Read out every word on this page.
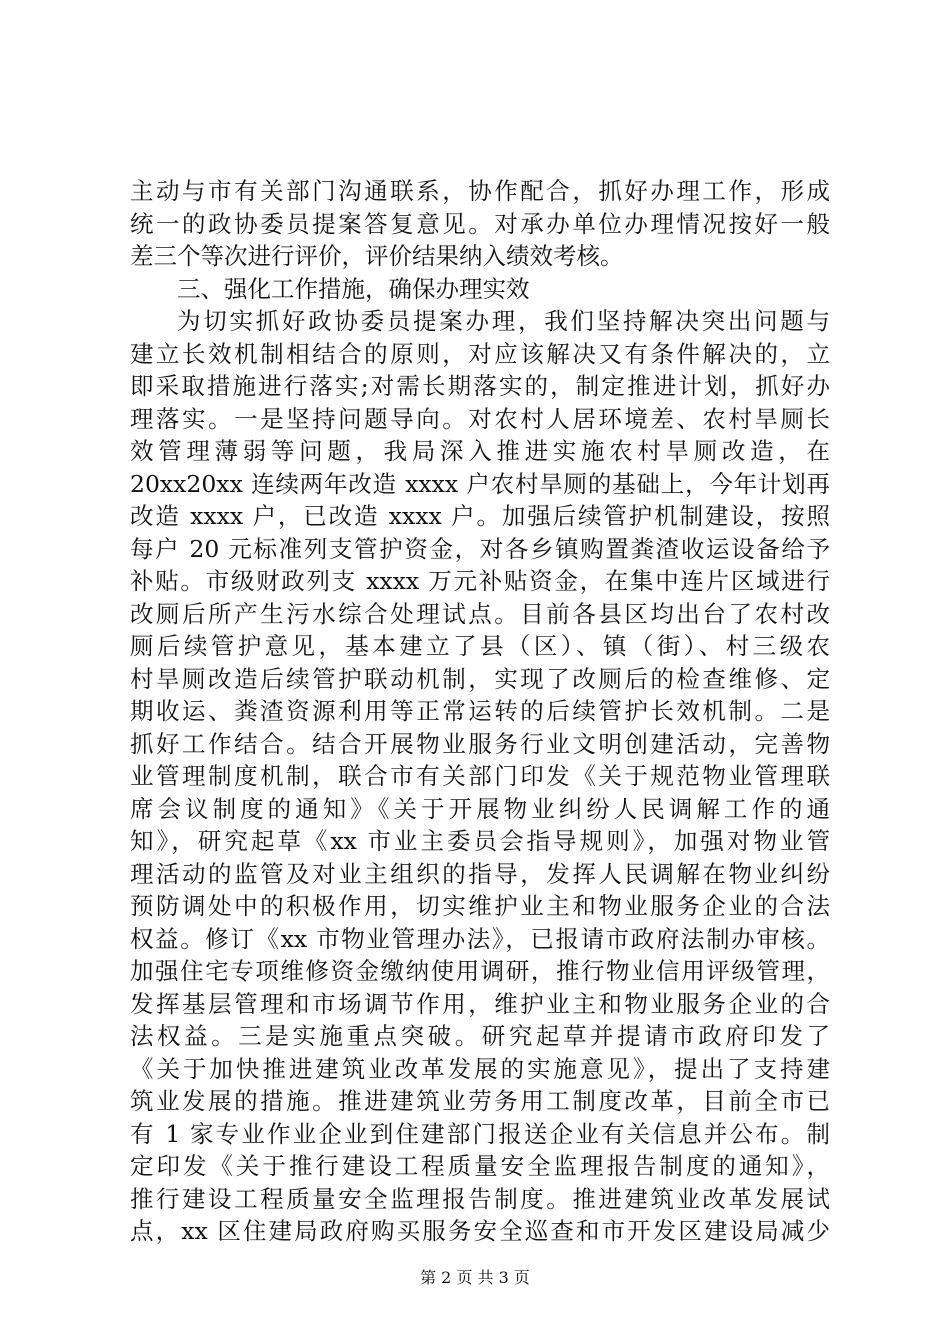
主动与市有关部门沟通联系，协作配合，抓好办理工作，形成
统一的政协委员提案答复意见。对承办单位办理情况按好一般
差三个等次进行评价，评价结果纳入绩效考核。
三、强化工作措施，确保办理实效
为切实抓好政协委员提案办理，我们坚持解决突出问题与
建立长效机制相结合的原则，对应该解决又有条件解决的，立
即采取措施进行落实;对需长期落实的，制定推进计划，抓好办
理落实。一是坚持问题导向。对农村人居环境差、农村旱厕长
效管理薄弱等问题，我局深入推进实施农村旱厕改造，在
20xx20xx 连续两年改造 xxxx 户农村旱厕的基础上，今年计划再
改造 xxxx 户，已改造 xxxx 户。加强后续管护机制建设，按照
每户 20 元标准列支管护资金，对各乡镇购置粪渣收运设备给予
补贴。市级财政列支 xxxx 万元补贴资金，在集中连片区域进行
改厕后所产生污水综合处理试点。目前各县区均出台了农村改
厕后续管护意见，基本建立了县（区）、镇（街）、村三级农
村旱厕改造后续管护联动机制，实现了改厕后的检查维修、定
期收运、粪渣资源利用等正常运转的后续管护长效机制。二是
抓好工作结合。结合开展物业服务行业文明创建活动，完善物
业管理制度机制，联合市有关部门印发《关于规范物业管理联
席会议制度的通知》《关于开展物业纠纷人民调解工作的通
知》，研究起草《xx 市业主委员会指导规则》，加强对物业管
理活动的监管及对业主组织的指导，发挥人民调解在物业纠纷
预防调处中的积极作用，切实维护业主和物业服务企业的合法
权益。修订《xx 市物业管理办法》，已报请市政府法制办审核。
加强住宅专项维修资金缴纳使用调研，推行物业信用评级管理，
发挥基层管理和市场调节作用，维护业主和物业服务企业的合
法权益。三是实施重点突破。研究起草并提请市政府印发了
《关于加快推进建筑业改革发展的实施意见》，提出了支持建
筑业发展的措施。推进建筑业劳务用工制度改革，目前全市已
有 1 家专业作业企业到住建部门报送企业有关信息并公布。制
定印发《关于推行建设工程质量安全监理报告制度的通知》，
推行建设工程质量安全监理报告制度。推进建筑业改革发展试
点，xx 区住建局政府购买服务安全巡查和市开发区建设局减少
第 2 页 共 3 页
